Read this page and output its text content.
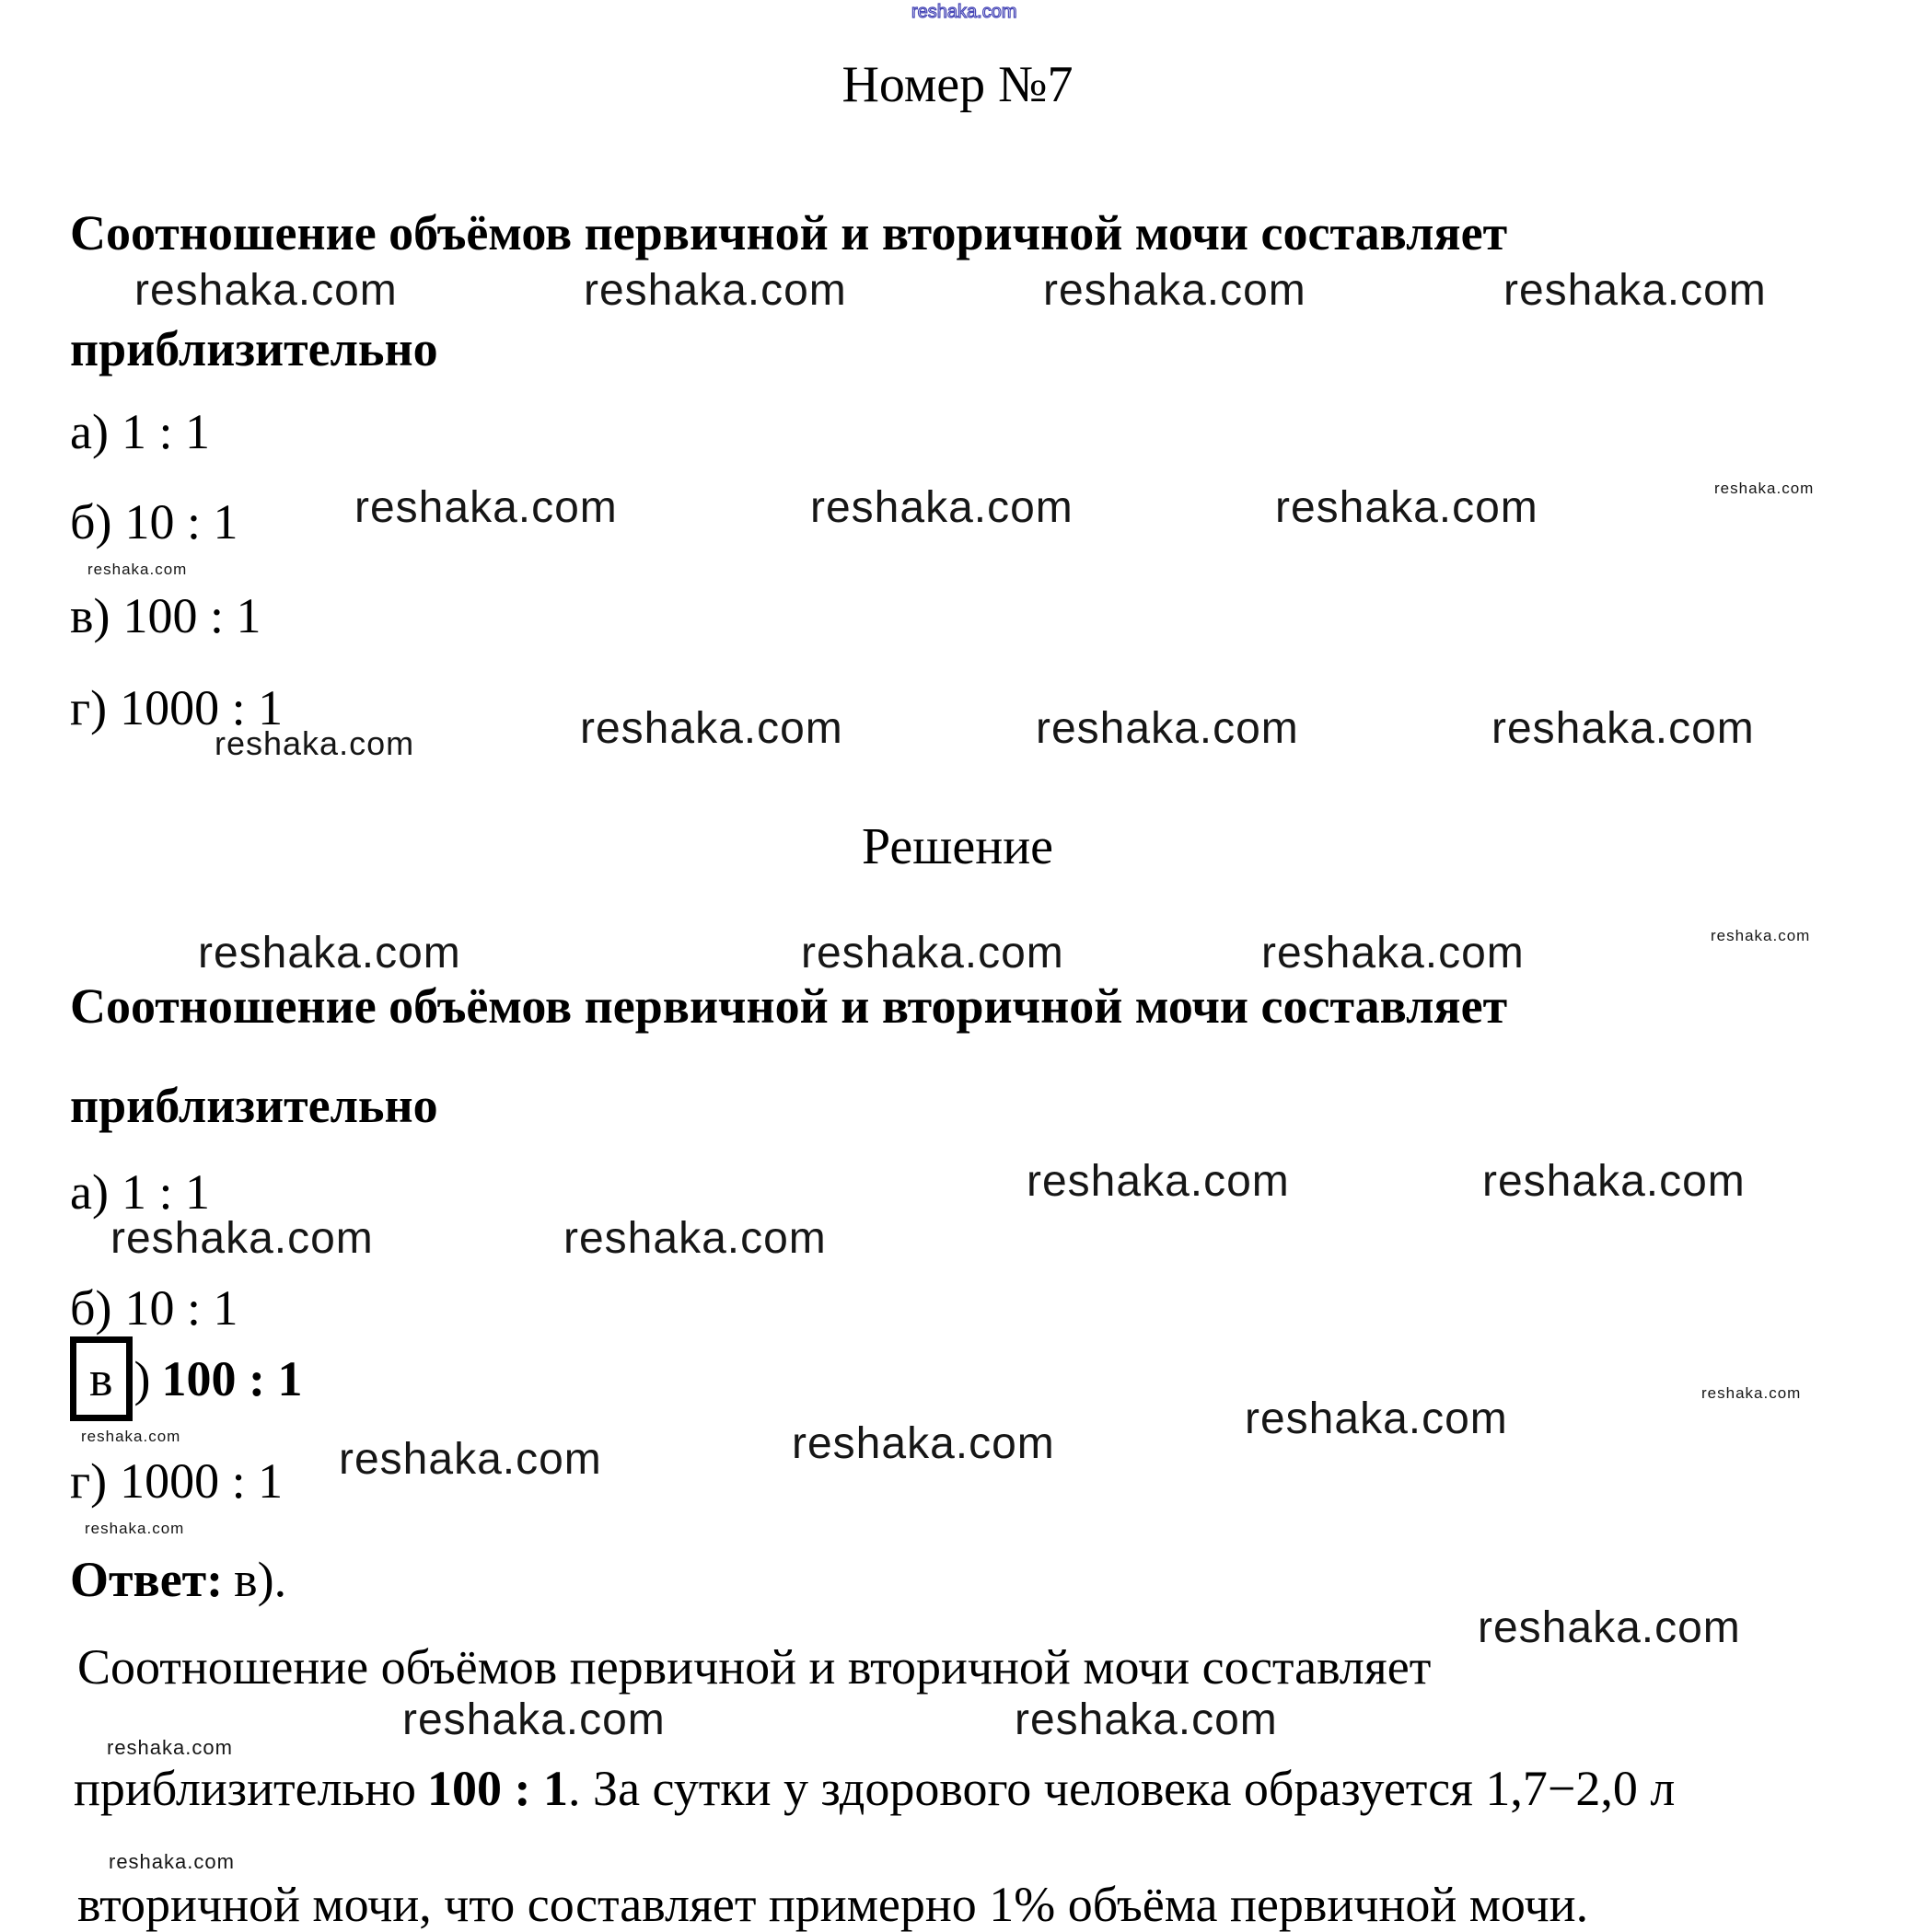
reshaka.com
Номер №7
Соотношение объёмов первичной и вторичной мочи составляет
reshaka.com	reshaka.com	reshaka.com	reshaka.com
приблизительно
а) 1 : 1
б) 10 : 1	reshaka.com	reshaka.com	reshaka.com	reshaka.com
reshaka.com
в) 100 : 1
г) 1000 : 1
reshaka.com	reshaka.com	reshaka.com	reshaka.com
Решение
reshaka.com	reshaka.com	reshaka.com	reshaka.com
Соотношение объёмов первичной и вторичной мочи составляет
приблизительно
а) 1 : 1	reshaka.com	reshaka.com
reshaka.com	reshaka.com
б) 10 : 1
в ) 100 : 1
reshaka.com
reshaka.com
reshaka.com
г) 1000 : 1 reshaka.com	reshaka.com
reshaka.com
Ответ: в).
reshaka.com
Соотношение объёмов первичной и вторичной мочи составляет
reshaka.com	reshaka.com
reshaka.com
приблизительно 100 : 1. За сутки у здорового человека образуется 1,7−2,0 л
reshaka.com
вторичной мочи, что составляет примерно 1% объёма первичной мочи.
